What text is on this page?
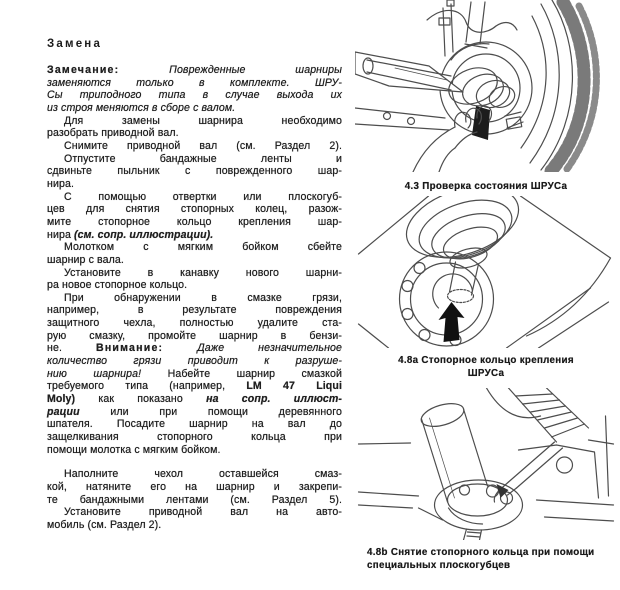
Замена
Замечание: Поврежденные шарниры
заменяются только в комплекте. ШРУ-
Сы триподного типа в случае выхода их
из строя меняются в сборе с валом.
Для замены шарнира необходимо
разобрать приводной вал.
Снимите приводной вал (см. Раздел 2).
Отпустите бандажные ленты и
сдвиньте пыльник с поврежденного шар-
нира.
С помощью отвертки или плоскогуб-
цев для снятия стопорных колец, разож-
мите стопорное кольцо крепления шар-
нира (см. сопр. иллюстрации).
Молотком с мягким бойком сбейте
шарнир с вала.
Установите в канавку нового шарни-
ра новое стопорное кольцо.
При обнаружении в смазке грязи,
например, в результате повреждения
защитного чехла, полностью удалите ста-
рую смазку, промойте шарнир в бензи-
не. Внимание: Даже незначительное
количество грязи приводит к разруше-
нию шарнира! Набейте шарнир смазкой
требуемого типа (например, LM 47 Liqui
Moly) как показано на сопр. иллюст-
рации или при помощи деревянного
шпателя. Посадите шарнир на вал до
защелкивания стопорного кольца при
помощи молотка с мягким бойком.
Наполните чехол оставшейся смаз-
кой, натяните его на шарнир и закрепи-
те бандажными лентами (см. Раздел 5).
Установите приводной вал на авто-
мобиль (см. Раздел 2).
4.3 Проверка состояния ШРУСа
4.8а Стопорное кольцо крепления ШРУСа
4.8b Снятие стопорного кольца при помощи специальных плоскогубцев
